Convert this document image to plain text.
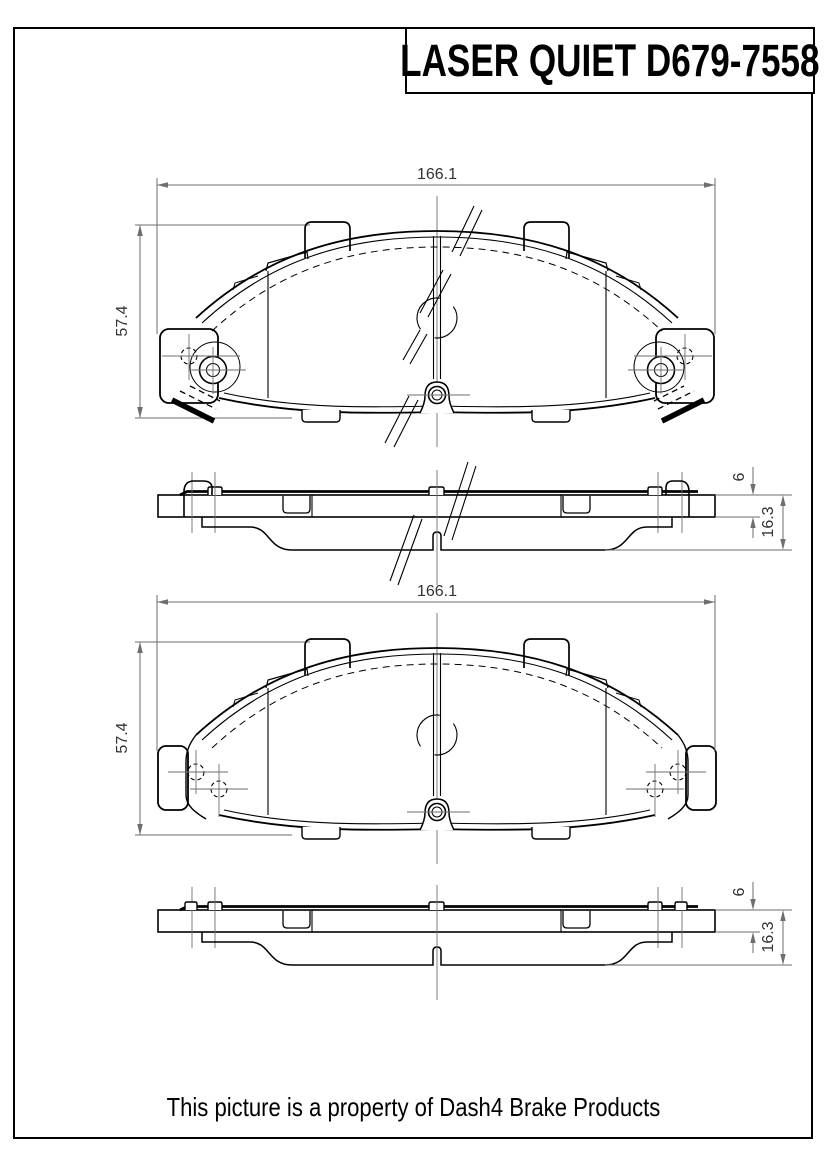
LASER QUIET D679-7558
166.1
57.4
6
16.3
166.1
57.4
6
16.3
This picture is a property of Dash4 Brake Products
